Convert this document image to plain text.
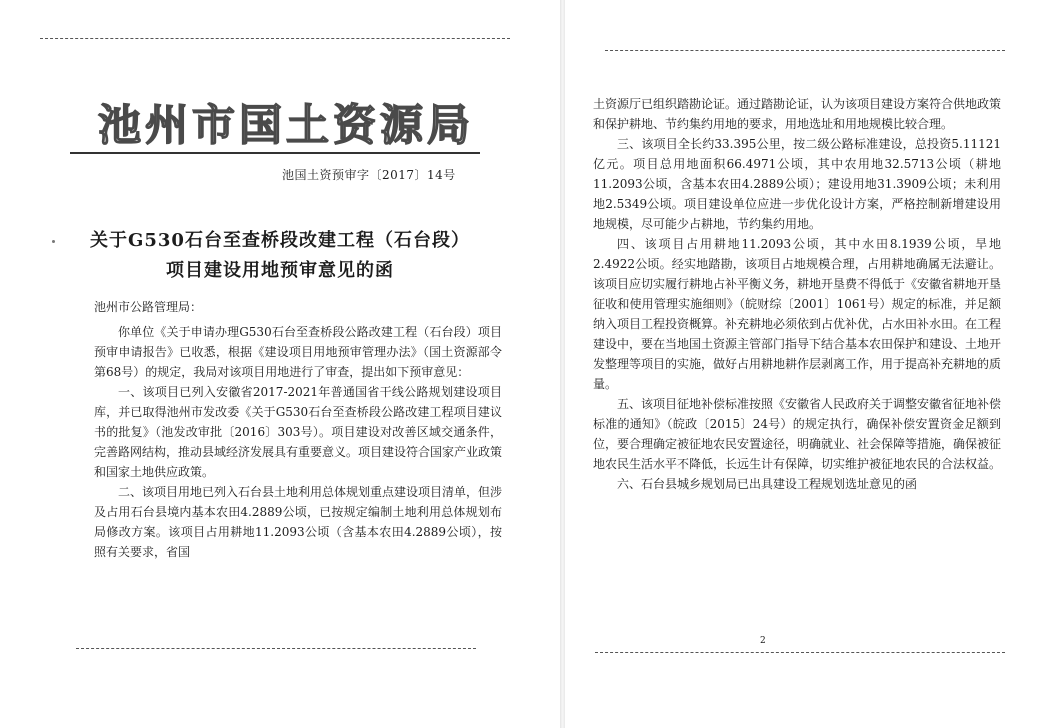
池州市国土资源局
池国土资预审字〔2017〕14号
关于G530石台至查桥段改建工程（石台段）
项目建设用地预审意见的函
池州市公路管理局：

你单位《关于申请办理G530石台至查桥段公路改建工程（石台段）项目预审申请报告》已收悉，根据《建设项目用地预审管理办法》（国土资源部令第68号）的规定，我局对该项目用地进行了审查，提出如下预审意见：

一、该项目已列入安徽省2017-2021年普通国省干线公路规划建设项目库，并已取得池州市发改委《关于G530石台至查桥段公路改建工程项目建议书的批复》（池发改审批〔2016〕303号）。项目建设对改善区域交通条件，完善路网结构，推动县域经济发展具有重要意义。项目建设符合国家产业政策和国家土地供应政策。

二、该项目用地已列入石台县土地利用总体规划重点建设项目清单，但涉及占用石台县境内基本农田4.2889公顷，已按规定编制土地利用总体规划布局修改方案。该项目占用耕地11.2093公顷（含基本农田4.2889公顷），按照有关要求，省国

土资源厅已组织踏勘论证。通过踏勘论证，认为该项目建设方案符合供地政策和保护耕地、节约集约用地的要求，用地选址和用地规模比较合理。

三、该项目全长约33.395公里，按二级公路标准建设，总投资5.11121亿元。项目总用地面积66.4971公顷，其中农用地32.5713公顷（耕地11.2093公顷，含基本农田4.2889公顷）；建设用地31.3909公顷；未利用地2.5349公顷。项目建设单位应进一步优化设计方案，严格控制新增建设用地规模，尽可能少占耕地，节约集约用地。

四、该项目占用耕地11.2093公顷，其中水田8.1939公顷，旱地2.4922公顷。经实地踏勘，该项目占地规模合理，占用耕地确属无法避让。该项目应切实履行耕地占补平衡义务，耕地开垦费不得低于《安徽省耕地开垦征收和使用管理实施细则》（皖财综〔2001〕1061号）规定的标准，并足额纳入项目工程投资概算。补充耕地必须依到占优补优，占水田补水田。在工程建设中，要在当地国土资源主管部门指导下结合基本农田保护和建设、土地开发整理等项目的实施，做好占用耕地耕作层剥离工作，用于提高补充耕地的质量。

五、该项目征地补偿标准按照《安徽省人民政府关于调整安徽省征地补偿标准的通知》（皖政〔2015〕24号）的规定执行，确保补偿安置资金足额到位，要合理确定被征地农民安置途径，明确就业、社会保障等措施，确保被征地农民生活水平不降低，长远生计有保障，切实维护被征地农民的合法权益。

六、石台县城乡规划局已出具建设工程规划选址意见的函

2
